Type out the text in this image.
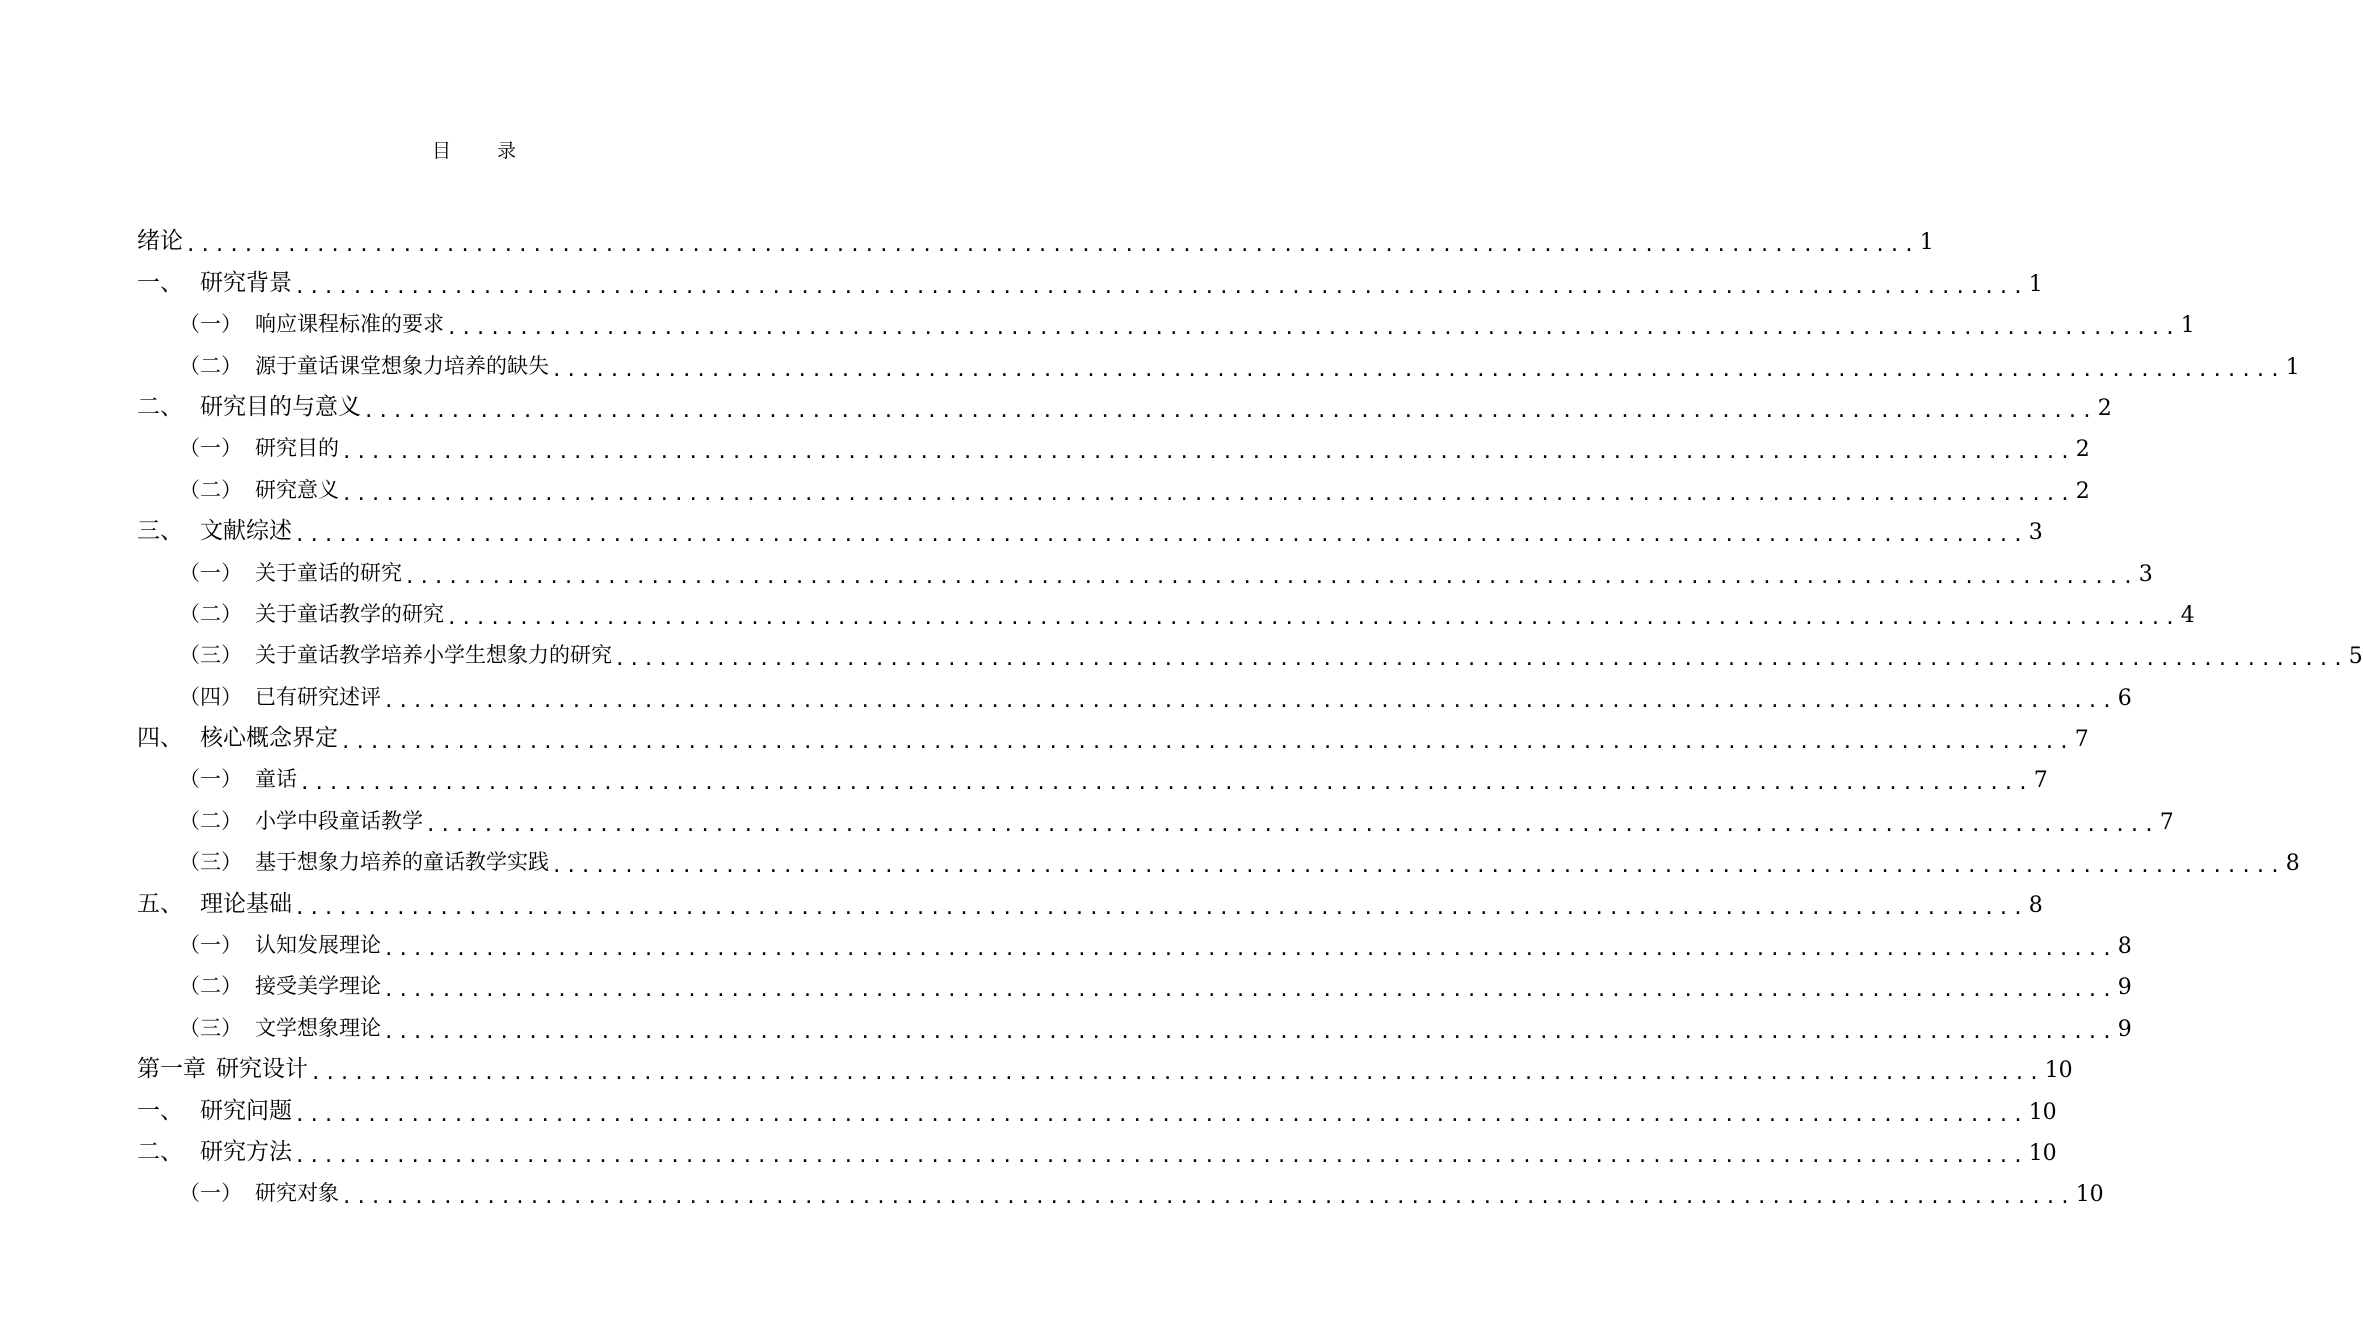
目  录
绪论 ........................................................................................................................ 1
一、 研究背景 ........................................................................................................................ 1
（一） 响应课程标准的要求 ........................................................................................................................ 1
（二） 源于童话课堂想象力培养的缺失 ........................................................................................................................ 1
二、 研究目的与意义 ........................................................................................................................ 2
（一） 研究目的 ........................................................................................................................ 2
（二） 研究意义 ........................................................................................................................ 2
三、 文献综述 ........................................................................................................................ 3
（一） 关于童话的研究 ........................................................................................................................ 3
（二） 关于童话教学的研究 ........................................................................................................................ 4
（三） 关于童话教学培养小学生想象力的研究 ........................................................................................................................ 5
（四） 已有研究述评 ........................................................................................................................ 6
四、 核心概念界定 ........................................................................................................................ 7
（一） 童话 ........................................................................................................................ 7
（二） 小学中段童话教学 ........................................................................................................................ 7
（三） 基于想象力培养的童话教学实践 ........................................................................................................................ 8
五、 理论基础 ........................................................................................................................ 8
（一） 认知发展理论 ........................................................................................................................ 8
（二） 接受美学理论 ........................................................................................................................ 9
（三） 文学想象理论 ........................................................................................................................ 9
第一章 研究设计 ........................................................................................................................ 10
一、 研究问题 ........................................................................................................................ 10
二、 研究方法 ........................................................................................................................ 10
（一） 研究对象 ........................................................................................................................ 10
